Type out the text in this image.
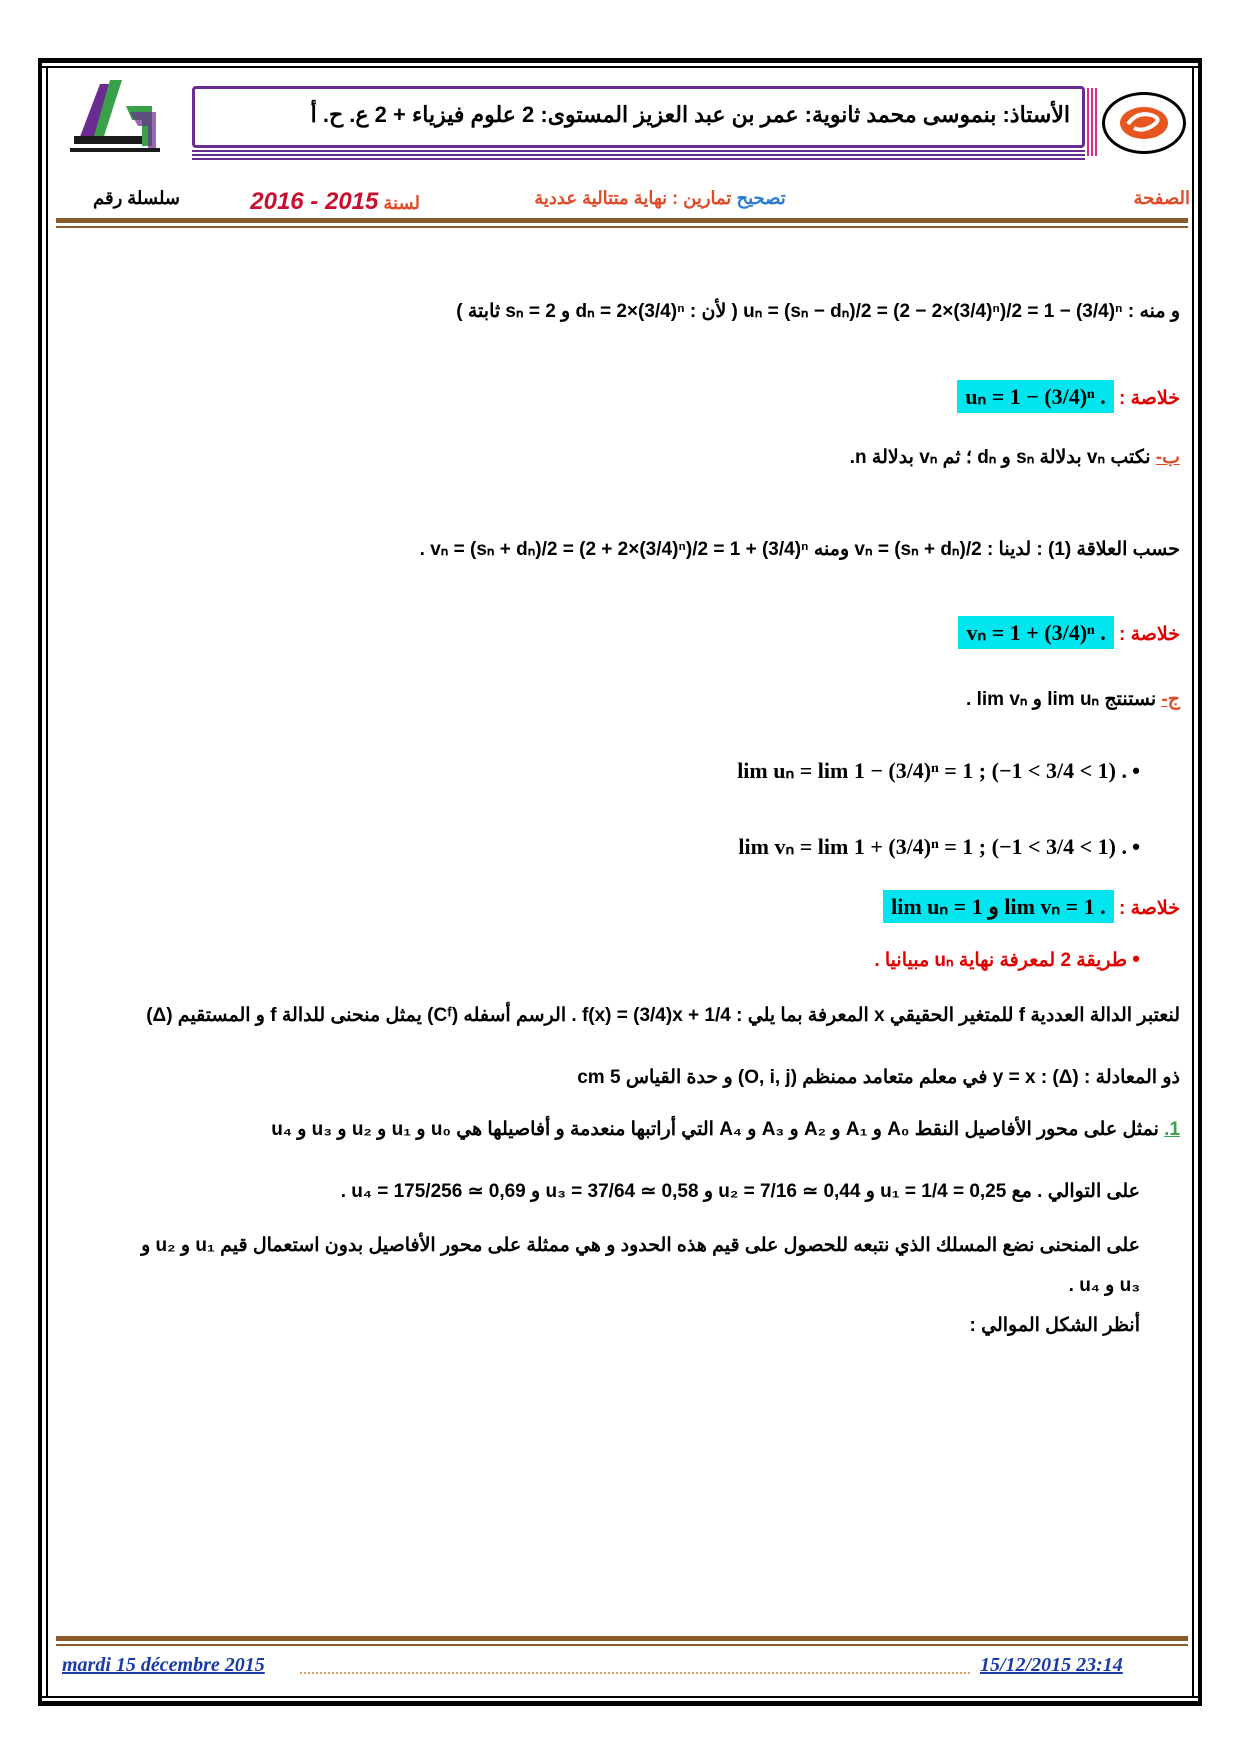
الأستاذ: بنموسى محمد ثانوية: عمر بن عبد العزيز المستوى: 2 علوم فيزياء + 2 ع. ح. أ
الصفحة
تصحيح تمارين : نهاية متتالية عددية
لسنة 2015 - 2016
سلسلة رقم
و منه : uₙ = (sₙ − dₙ)/2 = (2 − 2×(3/4)ⁿ)/2 = 1 − (3/4)ⁿ ( لأن : dₙ = 2×(3/4)ⁿ و sₙ = 2 ثابتة )
خلاصة : uₙ = 1 − (3/4)ⁿ .
ب- نكتب vₙ بدلالة sₙ و dₙ ؛ ثم vₙ بدلالة n.
حسب العلاقة (1) : لدينا : vₙ = (sₙ + dₙ)/2 ومنه vₙ = (sₙ + dₙ)/2 = (2 + 2×(3/4)ⁿ)/2 = 1 + (3/4)ⁿ .
خلاصة : vₙ = 1 + (3/4)ⁿ .
ج- نستنتج lim uₙ و lim vₙ .
• lim uₙ = lim 1 − (3/4)ⁿ = 1 ; (−1 < 3/4 < 1) .
• lim vₙ = lim 1 + (3/4)ⁿ = 1 ; (−1 < 3/4 < 1) .
خلاصة : lim uₙ = 1 و lim vₙ = 1 .
• طريقة 2 لمعرفة نهاية uₙ مبيانيا .
لنعتبر الدالة العددية f للمتغير الحقيقي x المعرفة بما يلي : f(x) = (3/4)x + 1/4 . الرسم أسفله (Cᶠ) يمثل منحنى للدالة f و المستقيم (Δ)
ذو المعادلة : (Δ) : y = x في معلم متعامد ممنظم (O, i, j) و حدة القياس 5 cm
1. نمثل على محور الأفاصيل النقط A₀ و A₁ و A₂ و A₃ و A₄ التي أراتبها منعدمة و أفاصيلها هي u₀ و u₁ و u₂ و u₃ و u₄
على التوالي . مع u₁ = 1/4 = 0,25 و u₂ = 7/16 ≃ 0,44 و u₃ = 37/64 ≃ 0,58 و u₄ = 175/256 ≃ 0,69 .
على المنحنى نضع المسلك الذي نتبعه للحصول على قيم هذه الحدود و هي ممثلة على محور الأفاصيل بدون استعمال قيم u₁ و u₂ و
u₃ و u₄ .
أنظر الشكل الموالي :
mardi 15 décembre 2015	15/12/2015 23:14
